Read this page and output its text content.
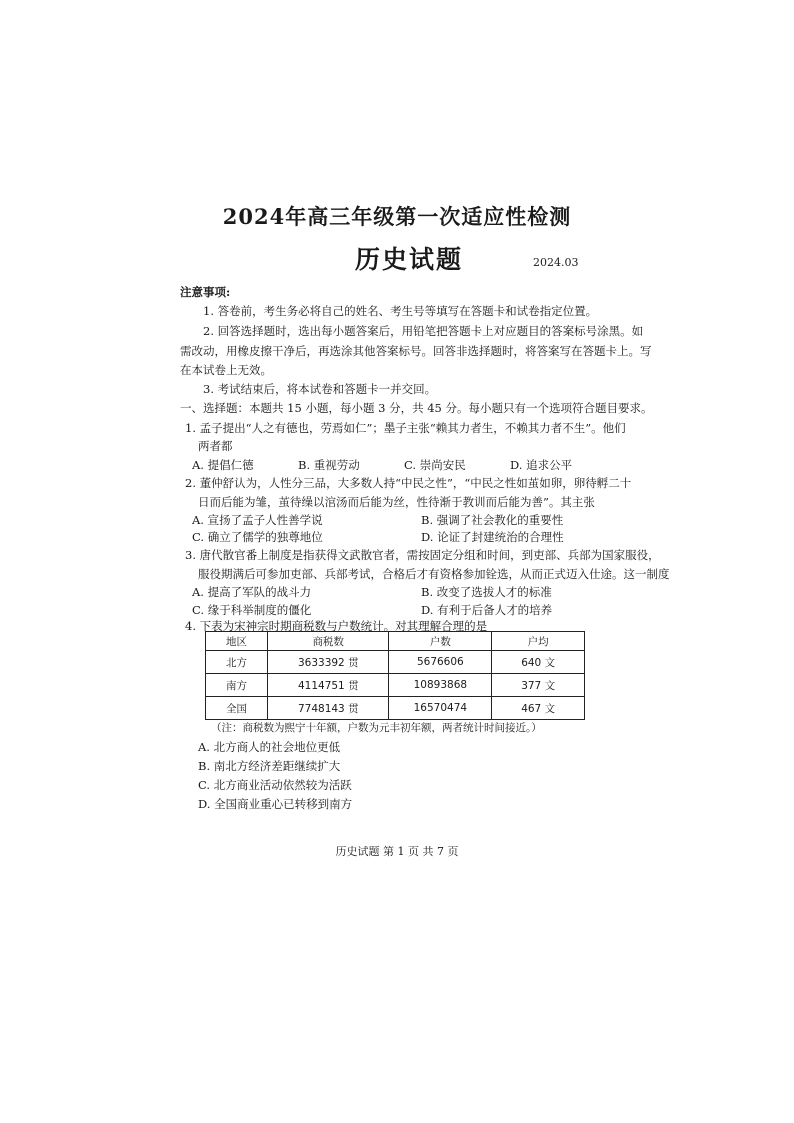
2024年高三年级第一次适应性检测
历史试题	2024.03
注意事项:
1. 答卷前，考生务必将自己的姓名、考生号等填写在答题卡和试卷指定位置。
2. 回答选择题时，选出每小题答案后，用铅笔把答题卡上对应题目的答案标号涂黑。如
需改动，用橡皮擦干净后，再选涂其他答案标号。回答非选择题时，将答案写在答题卡上。写
在本试卷上无效。
3. 考试结束后，将本试卷和答题卡一并交回。
一、选择题：本题共 15 小题，每小题 3 分，共 45 分。每小题只有一个选项符合题目要求。
1. 孟子提出“人之有德也，劳焉如仁”；墨子主张“赖其力者生，不赖其力者不生”。他们
两者都
A. 提倡仁德	B. 重视劳动	C. 崇尚安民	D. 追求公平
2. 董仲舒认为，人性分三品，大多数人持“中民之性”，“中民之性如茧如卵，卵待孵二十
日而后能为雏，茧待缲以涫汤而后能为丝，性待渐于教训而后能为善”。其主张
A. 宣扬了孟子人性善学说	B. 强调了社会教化的重要性
C. 确立了儒学的独尊地位	D. 论证了封建统治的合理性
3. 唐代散官番上制度是指获得文武散官者，需按固定分组和时间，到吏部、兵部为国家服役，
服役期满后可参加吏部、兵部考试，合格后才有资格参加铨选，从而正式迈入仕途。这一制度
A. 提高了军队的战斗力	B. 改变了选拔人才的标准
C. 缘于科举制度的僵化	D. 有利于后备人才的培养
4. 下表为宋神宗时期商税数与户数统计。对其理解合理的是
地区	商税数	户数	户均
北方	3633392 贯	5676606	640 文
南方	4114751 贯	10893868	377 文
全国	7748143 贯	16570474	467 文
（注：商税数为熙宁十年额，户数为元丰初年额，两者统计时间接近。）
A. 北方商人的社会地位更低
B. 南北方经济差距继续扩大
C. 北方商业活动依然较为活跃
D. 全国商业重心已转移到南方
历史试题 第 1 页 共 7 页
